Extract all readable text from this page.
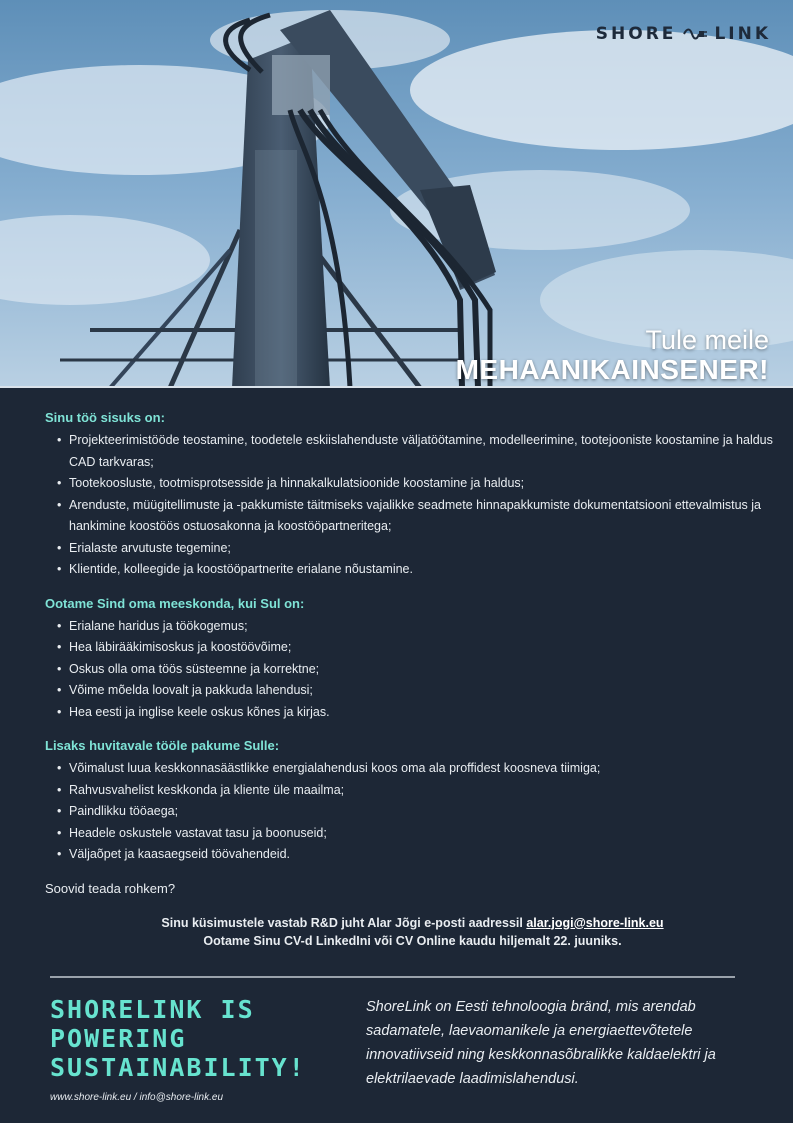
SHORE LINK
Tule meile
MEHAANIKAINSENER!
Sinu töö sisuks on:
• Projekteerimistööde teostamine, toodetele eskiislahenduste väljatöötamine, modelleerimine, tootejooniste koostamine ja haldus CAD tarkvaras;
• Tootekoosluste, tootmisprotsesside ja hinnakalkulatsioonide koostamine ja haldus;
• Arenduste, müügitellimuste ja -pakkumiste täitmiseks vajalikke seadmete hinnapakkumiste dokumentatsiooni ettevalmistus ja hankimine koostöös ostuosakonna ja koostööpartneritega;
• Erialaste arvutuste tegemine;
• Klientide, kolleegide ja koostööpartnerite erialane nõustamine.
Ootame Sind oma meeskonda, kui Sul on:
• Erialane haridus ja töökogemus;
• Hea läbirääkimisoskus ja koostöövõime;
• Oskus olla oma töös süsteemne ja korrektne;
• Võime mõelda loovalt ja pakkuda lahendusi;
• Hea eesti ja inglise keele oskus kõnes ja kirjas.
Lisaks huvitavale tööle pakume Sulle:
• Võimalust luua keskkonnasäästlikke energialahendusi koos oma ala proffidest koosneva tiimiga;
• Rahvusvahelist keskkonda ja kliente üle maailma;
• Paindlikku tööaega;
• Headele oskustele vastavat tasu ja boonuseid;
• Väljaõpet ja kaasaegseid töövahendeid.
Soovid teada rohkem?
Sinu küsimustele vastab R&D juht Alar Jõgi e-posti aadressil alar.jogi@shore-link.eu
Ootame Sinu CV-d LinkedIni või CV Online kaudu hiljemalt 22. juuniks.
SHORELINK IS
POWERING
SUSTAINABILITY!
www.shore-link.eu / info@shore-link.eu
ShoreLink on Eesti tehnoloogia bränd, mis arendab sadamatele, laevaomanikele ja energiaettevõtetele innovatiivseid ning keskkonnasõbralikke kaldaelektri ja elektrilaevade laadimislahendusi.
